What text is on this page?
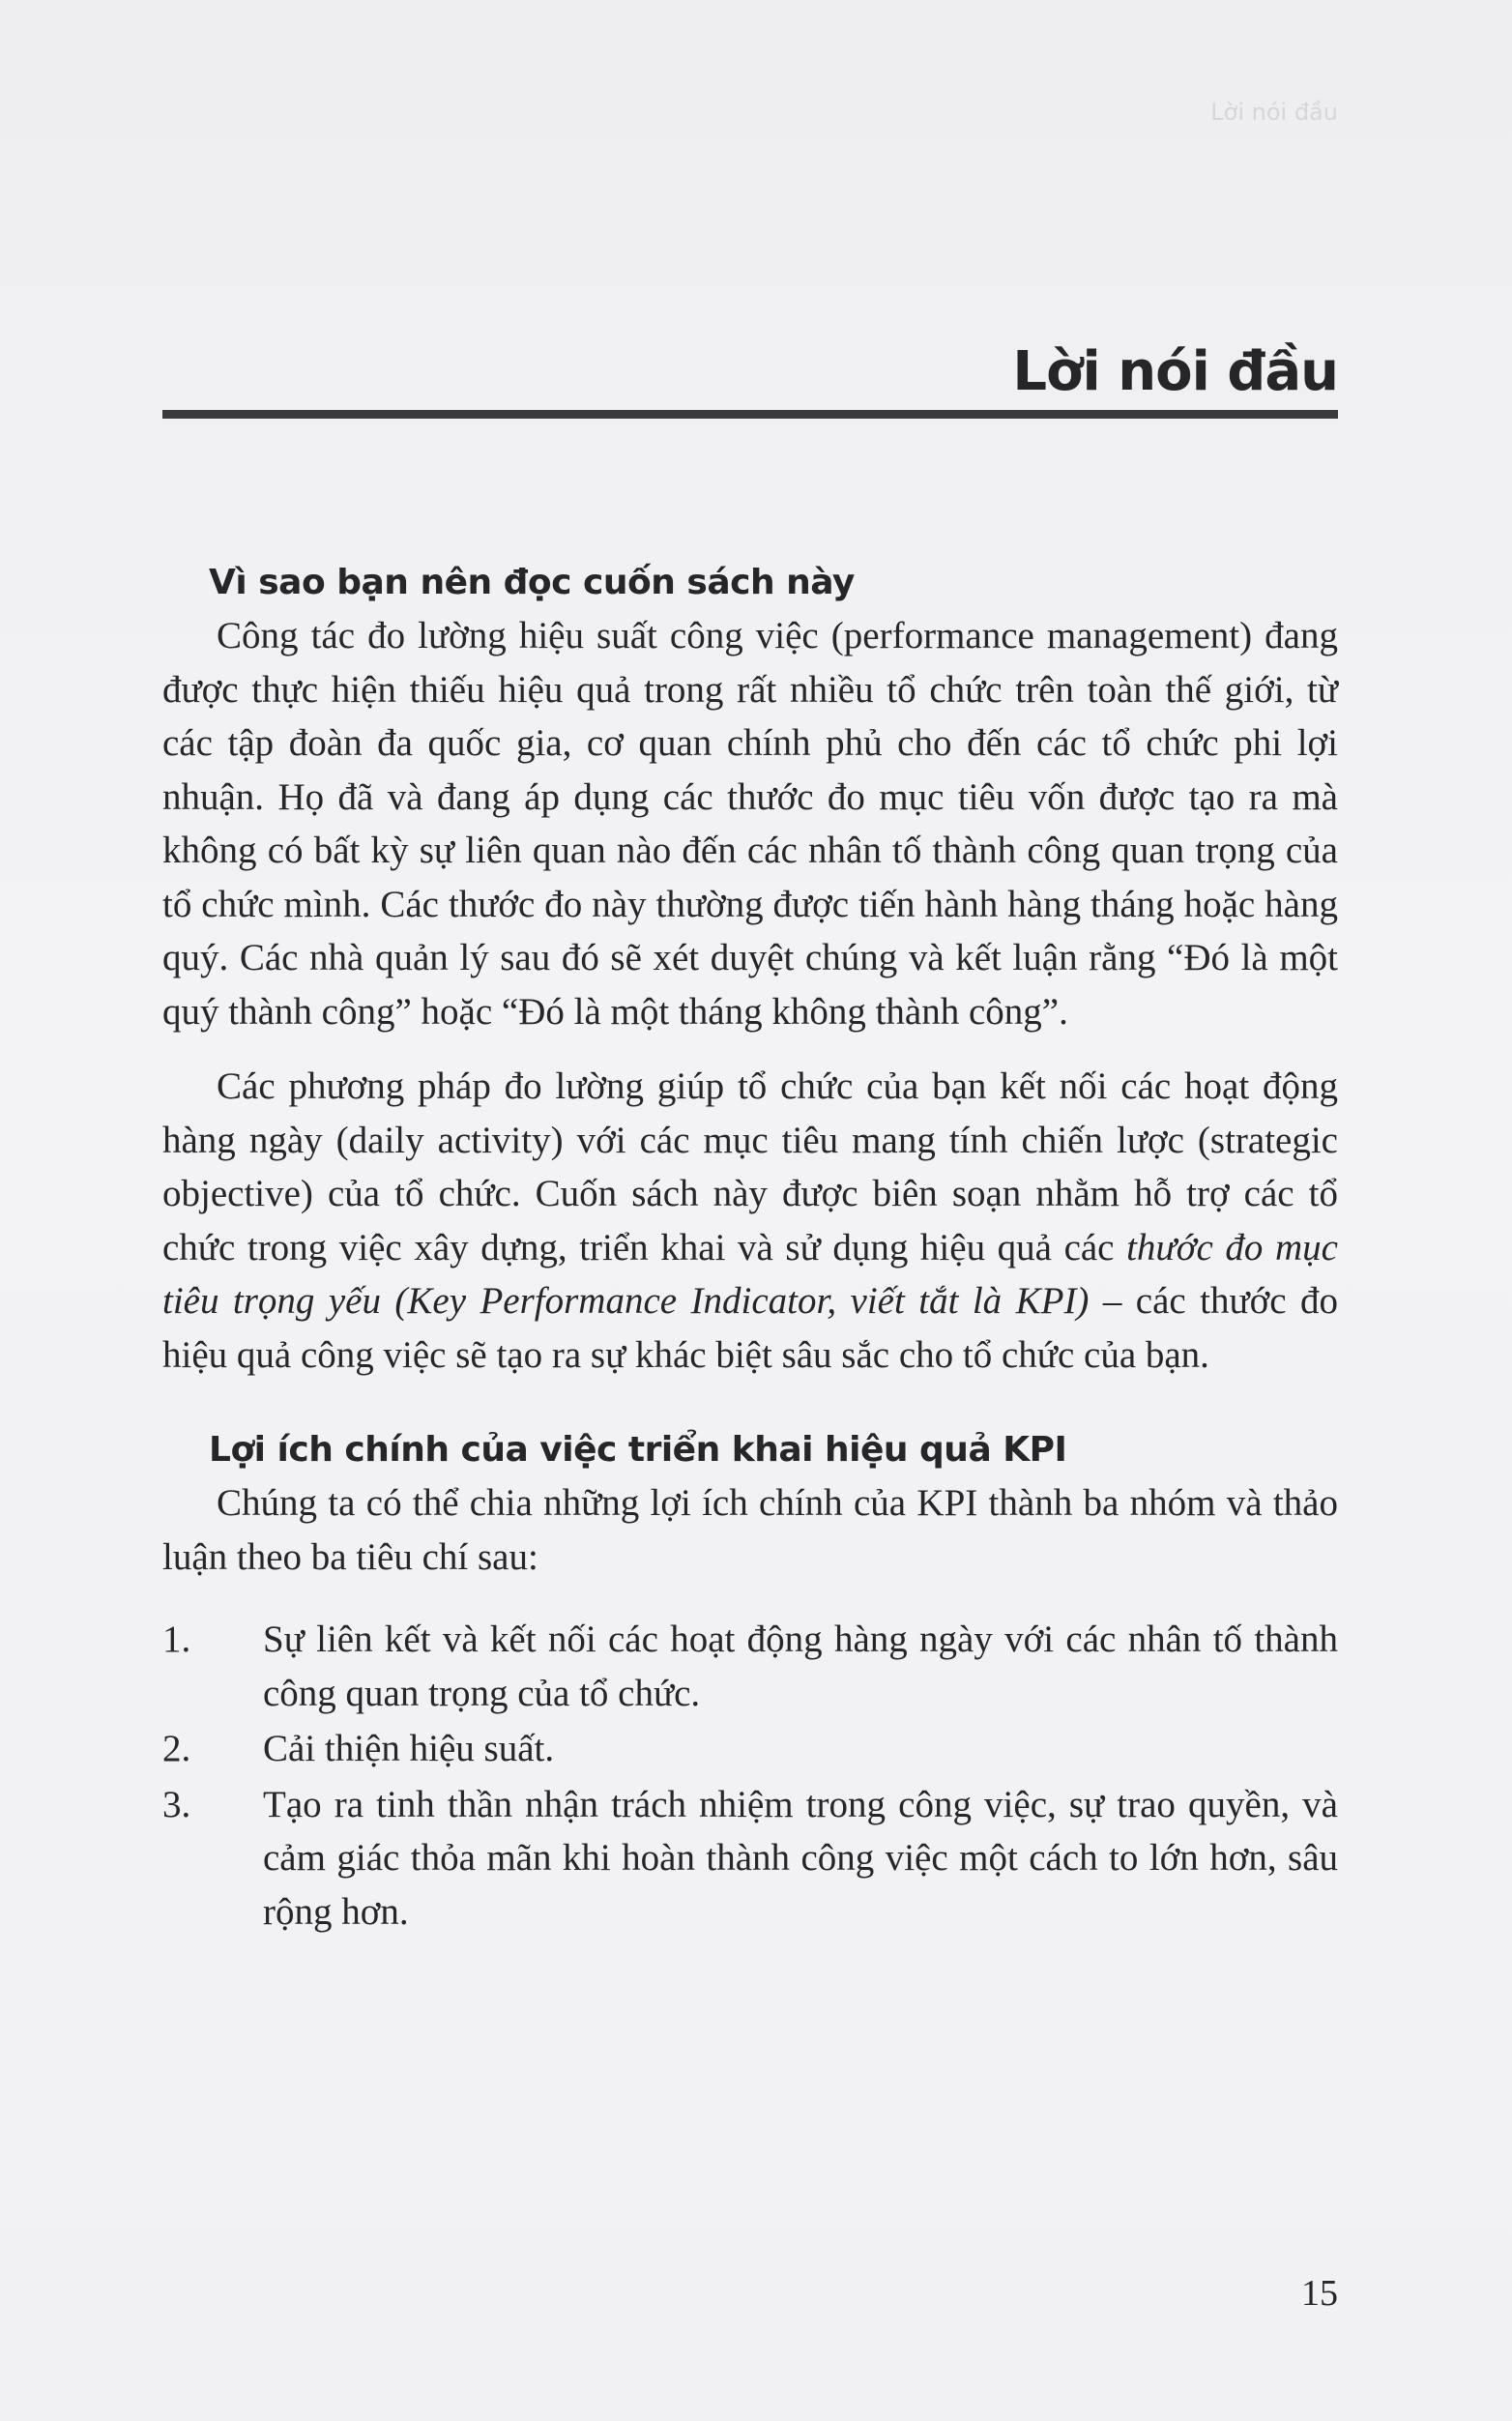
Lời nói đầu
Lời nói đầu
Vì sao bạn nên đọc cuốn sách này

Công tác đo lường hiệu suất công việc (performance management) đang được thực hiện thiếu hiệu quả trong rất nhiều tổ chức trên toàn thế giới, từ các tập đoàn đa quốc gia, cơ quan chính phủ cho đến các tổ chức phi lợi nhuận. Họ đã và đang áp dụng các thước đo mục tiêu vốn được tạo ra mà không có bất kỳ sự liên quan nào đến các nhân tố thành công quan trọng của tổ chức mình. Các thước đo này thường được tiến hành hàng tháng hoặc hàng quý. Các nhà quản lý sau đó sẽ xét duyệt chúng và kết luận rằng “Đó là một quý thành công” hoặc “Đó là một tháng không thành công”.

Các phương pháp đo lường giúp tổ chức của bạn kết nối các hoạt động hàng ngày (daily activity) với các mục tiêu mang tính chiến lược (strategic objective) của tổ chức. Cuốn sách này được biên soạn nhằm hỗ trợ các tổ chức trong việc xây dựng, triển khai và sử dụng hiệu quả các thước đo mục tiêu trọng yếu (Key Performance Indicator, viết tắt là KPI) – các thước đo hiệu quả công việc sẽ tạo ra sự khác biệt sâu sắc cho tổ chức của bạn.

Lợi ích chính của việc triển khai hiệu quả KPI

Chúng ta có thể chia những lợi ích chính của KPI thành ba nhóm và thảo luận theo ba tiêu chí sau:

1. Sự liên kết và kết nối các hoạt động hàng ngày với các nhân tố thành công quan trọng của tổ chức.
2. Cải thiện hiệu suất.
3. Tạo ra tinh thần nhận trách nhiệm trong công việc, sự trao quyền, và cảm giác thỏa mãn khi hoàn thành công việc một cách to lớn hơn, sâu rộng hơn.
15
